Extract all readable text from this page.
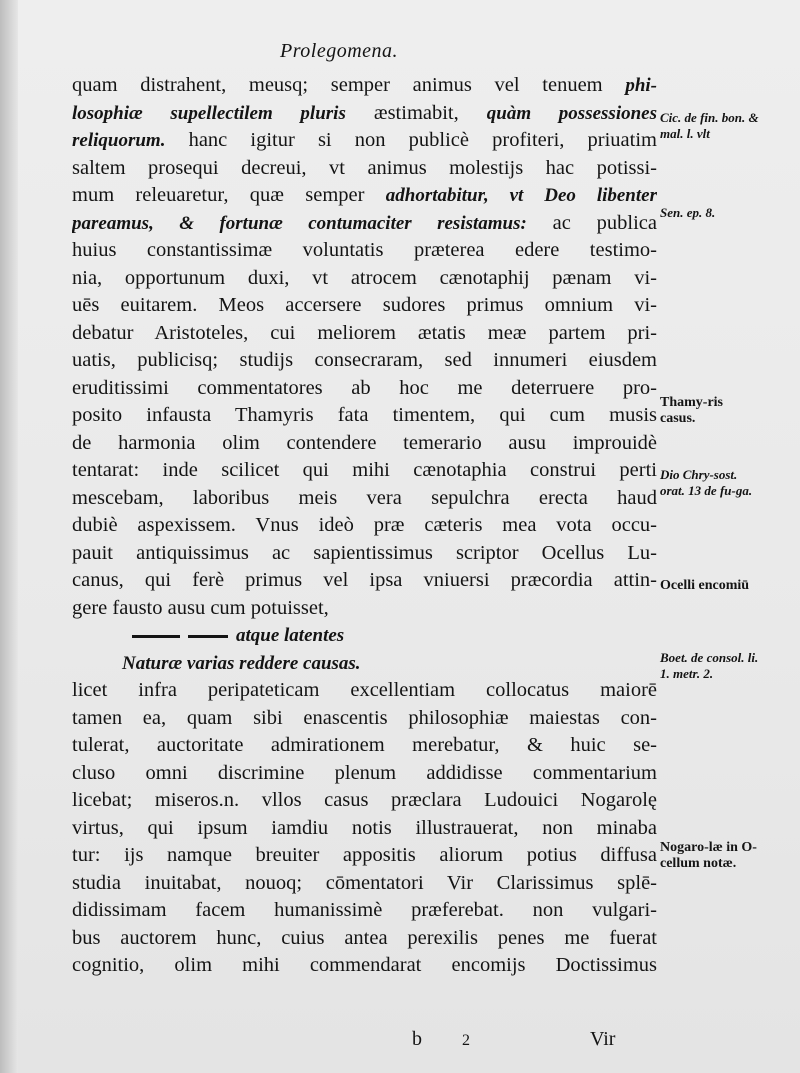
Prolegomena.
quam distrahent, meusq; semper animus vel tenuem phi-
losophiæ supellectilem pluris æstimabit, quàm possessiones
reliquorum. hanc igitur si non publicè profiteri, priuatim
saltem prosequi decreui, vt animus molestijs hac potissi-
mum releuaretur, quæ semper adhortabitur, vt Deo libenter
pareamus, & fortunæ contumaciter resistamus: ac publica
huius constantissimæ voluntatis præterea edere testimo-
nia, opportunum duxi, vt atrocem cænotaphij pænam vi-
uēs euitarem. Meos accersere sudores primus omnium vi-
debatur Aristoteles, cui meliorem ætatis meæ partem pri-
uatis, publicisq; studijs consecraram, sed innumeri eiusdem
eruditissimi commentatores ab hoc me deterruere pro-
posito infausta Thamyris fata timentem, qui cum musis
de harmonia olim contendere temerario ausu improuidè
tentarat: inde scilicet qui mihi cænotaphia construi perti
mescebam, laboribus meis vera sepulchra erecta haud
dubiè aspexissem. Vnus ideò præ cæteris mea vota occu-
pauit antiquissimus ac sapientissimus scriptor Ocellus Lu-
canus, qui ferè primus vel ipsa vniuersi præcordia attin-
gere fausto ausu cum potuisset,
atque latentes
Naturæ varias reddere causas.
licet infra peripateticam excellentiam collocatus maiorē
tamen ea, quam sibi enascentis philosophiæ maiestas con-
tulerat, auctoritate admirationem merebatur, & huic se-
cluso omni discrimine plenum addidisse commentarium
licebat; miseros.n. vllos casus præclara Ludouici Nogarolę
virtus, qui ipsum iamdiu notis illustrauerat, non minaba
tur: ijs namque breuiter appositis aliorum potius diffusa
studia inuitabat, nouoq; cōmentatori Vir Clarissimus splē-
didissimam facem humanissimè præferebat. non vulgari-
bus auctorem hunc, cuius antea perexilis penes me fuerat
cognitio, olim mihi commendarat encomijs Doctissimus
Cic. de fin. bon. & mal. l. vlt
Sen. ep. 8.
Thamy-ris casus.
Dio Chry-sost. orat. 13 de fu-ga.
Ocelli encomiū
Boet. de consol. li. 1. metr. 2.
Nogaro-læ in O-cellum notæ.
b	2	Vir
